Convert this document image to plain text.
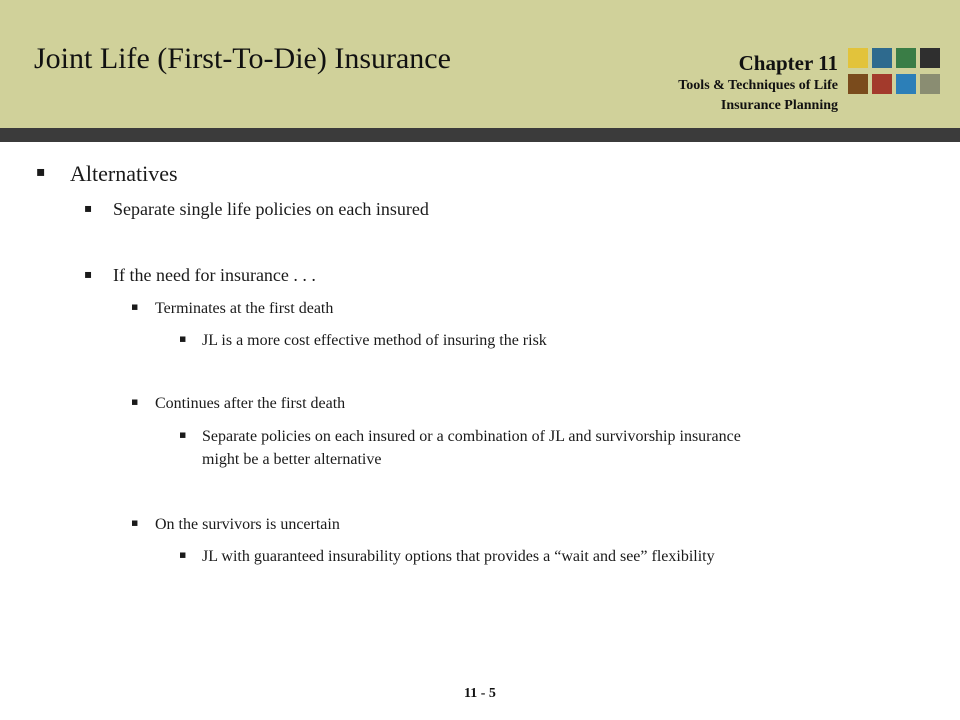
Joint Life (First-To-Die) Insurance	Chapter 11
Tools & Techniques of Life
Insurance Planning
▪ Alternatives
▪ Separate single life policies on each insured
▪ If the need for insurance . . .
▪ Terminates at the first death
▪ JL is a more cost effective method of insuring the risk
▪ Continues after the first death
▪ Separate policies on each insured or a combination of JL and survivorship insurance
might be a better alternative
▪ On the survivors is uncertain
▪ JL with guaranteed insurability options that provides a “wait and see” flexibility
11 - 5
